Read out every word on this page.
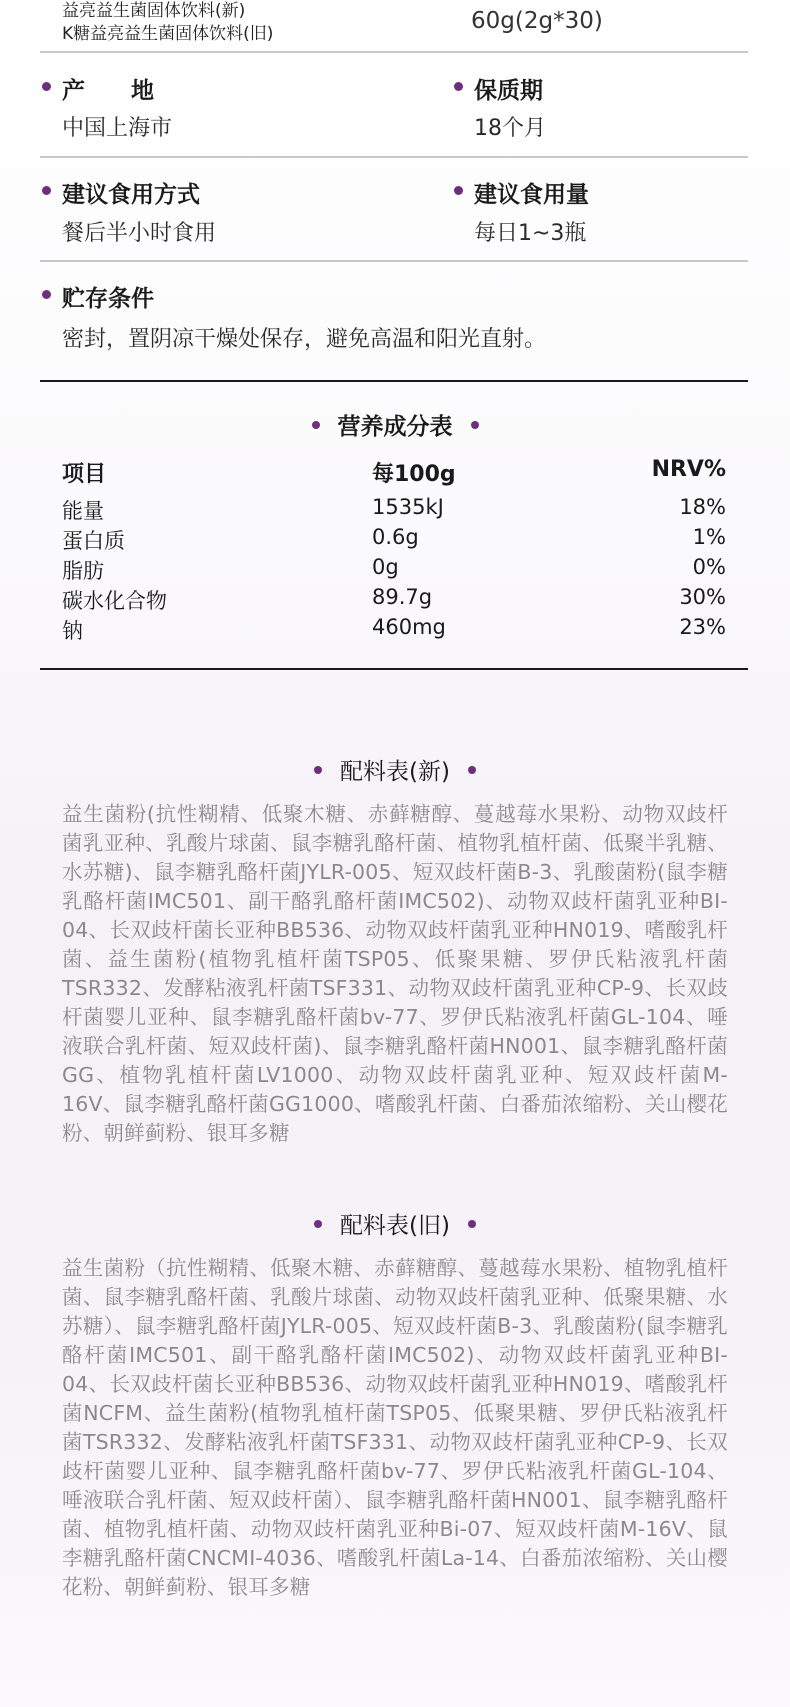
益亮益生菌固体饮料(新)
K糖益亮益生菌固体饮料(旧)	60g(2g*30)
产　　地
中国上海市
保质期
18个月
建议食用方式
餐后半小时食用
建议食用量
每日1~3瓶
贮存条件
密封，置阴凉干燥处保存，避免高温和阳光直射。
营养成分表
项目	每100g	NRV%
能量	1535kJ	18%
蛋白质	0.6g	1%
脂肪	0g	0%
碳水化合物	89.7g	30%
钠	460mg	23%
配料表(新)
益生菌粉(抗性糊精、低聚木糖、赤藓糖醇、蔓越莓水果粉、动物双歧杆菌乳亚种、乳酸片球菌、鼠李糖乳酪杆菌、植物乳植杆菌、低聚半乳糖、水苏糖)、鼠李糖乳酪杆菌JYLR-005、短双歧杆菌B-3、乳酸菌粉(鼠李糖乳酪杆菌IMC501、副干酪乳酪杆菌IMC502)、动物双歧杆菌乳亚种BI-04、长双歧杆菌长亚种BB536、动物双歧杆菌乳亚种HN019、嗜酸乳杆菌、益生菌粉(植物乳植杆菌TSP05、低聚果糖、罗伊氏粘液乳杆菌TSR332、发酵粘液乳杆菌TSF331、动物双歧杆菌乳亚种CP-9、长双歧杆菌婴儿亚种、鼠李糖乳酪杆菌bv-77、罗伊氏粘液乳杆菌GL-104、唾液联合乳杆菌、短双歧杆菌)、鼠李糖乳酪杆菌HN001、鼠李糖乳酪杆菌GG、植物乳植杆菌LV1000、动物双歧杆菌乳亚种、短双歧杆菌M-16V、鼠李糖乳酪杆菌GG1000、嗜酸乳杆菌、白番茄浓缩粉、关山樱花粉、朝鲜蓟粉、银耳多糖
配料表(旧)
益生菌粉（抗性糊精、低聚木糖、赤藓糖醇、蔓越莓水果粉、植物乳植杆菌、鼠李糖乳酪杆菌、乳酸片球菌、动物双歧杆菌乳亚种、低聚果糖、水苏糖）、鼠李糖乳酪杆菌JYLR-005、短双歧杆菌B-3、乳酸菌粉(鼠李糖乳酪杆菌IMC501、副干酪乳酪杆菌IMC502)、动物双歧杆菌乳亚种BI-04、长双歧杆菌长亚种BB536、动物双歧杆菌乳亚种HN019、嗜酸乳杆菌NCFM、益生菌粉(植物乳植杆菌TSP05、低聚果糖、罗伊氏粘液乳杆菌TSR332、发酵粘液乳杆菌TSF331、动物双歧杆菌乳亚种CP-9、长双歧杆菌婴儿亚种、鼠李糖乳酪杆菌bv-77、罗伊氏粘液乳杆菌GL-104、唾液联合乳杆菌、短双歧杆菌）、鼠李糖乳酪杆菌HN001、鼠李糖乳酪杆菌、植物乳植杆菌、动物双歧杆菌乳亚种Bi-07、短双歧杆菌M-16V、鼠李糖乳酪杆菌CNCMI-4036、嗜酸乳杆菌La-14、白番茄浓缩粉、关山樱花粉、朝鲜蓟粉、银耳多糖
